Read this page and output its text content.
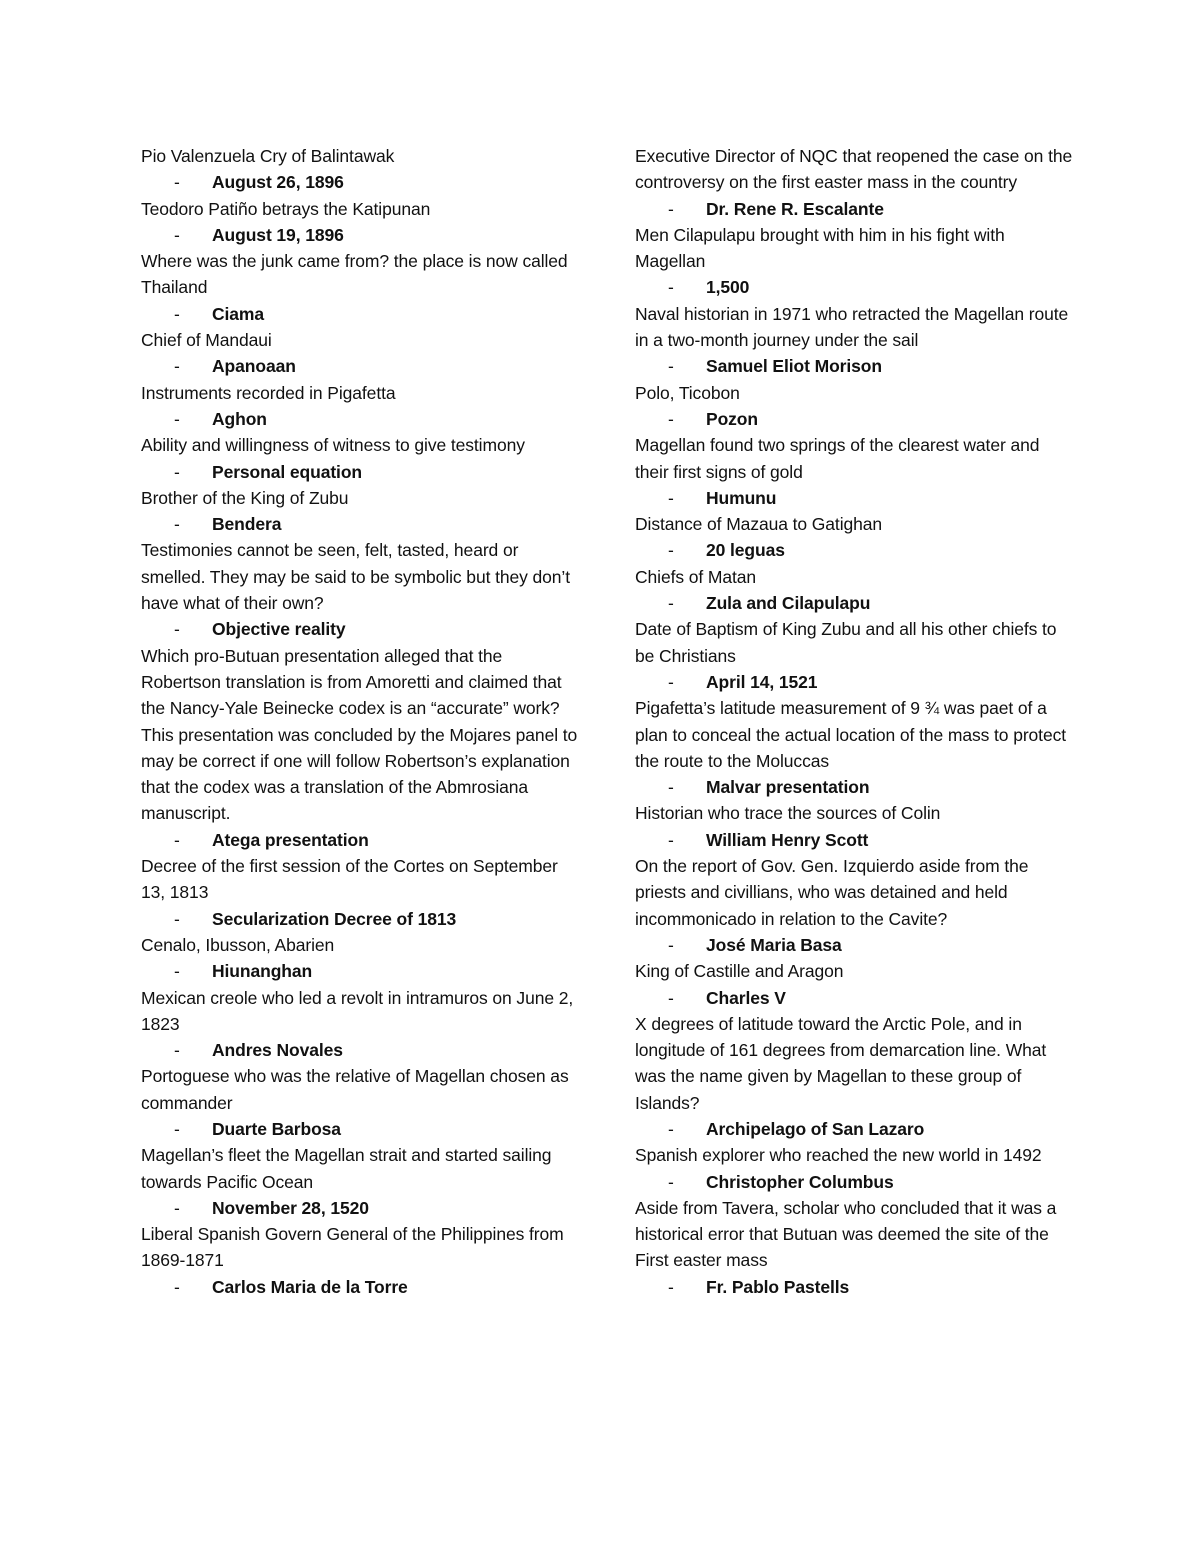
Pio Valenzuela Cry of Balintawak

- August 26, 1896

Teodoro Patiño betrays the Katipunan

- August 19, 1896

Where was the junk came from? the place is now called Thailand

- Ciama

Chief of Mandaui

- Apanoaan

Instruments recorded in Pigafetta

- Aghon

Ability and willingness of witness to give testimony

- Personal equation

Brother of the King of Zubu

- Bendera

Testimonies cannot be seen, felt, tasted, heard or smelled. They may be said to be symbolic but they don’t have what of their own?

- Objective reality

Which pro-Butuan presentation alleged that the Robertson translation is from Amoretti and claimed that the Nancy-Yale Beinecke codex is an “accurate” work?
This presentation was concluded by the Mojares panel to may be correct if one will follow Robertson’s explanation that the codex was a translation of the Abmrosiana manuscript.

- Atega presentation

Decree of the first session of the Cortes on September 13, 1813

- Secularization Decree of 1813

Cenalo, Ibusson, Abarien

- Hiunanghan

Mexican creole who led a revolt in intramuros on June 2, 1823

- Andres Novales

Portoguese who was the relative of Magellan chosen as commander

- Duarte Barbosa

Magellan’s fleet the Magellan strait and started sailing towards Pacific Ocean

- November 28, 1520

Liberal Spanish Govern General of the Philippines from 1869-1871

- Carlos Maria de la Torre

Executive Director of NQC that reopened the case on the controversy on the first easter mass in the country

- Dr. Rene R. Escalante

Men Cilapulapu brought with him in his fight with Magellan

- 1,500

Naval historian in 1971 who retracted the Magellan route in a two-month journey under the sail

- Samuel Eliot Morison

Polo, Ticobon

- Pozon

Magellan found two springs of the clearest water and their first signs of gold

- Humunu

Distance of Mazaua to Gatighan

- 20 leguas

Chiefs of Matan

- Zula and Cilapulapu

Date of Baptism of King Zubu and all his other chiefs to be Christians

- April 14, 1521

Pigafetta’s latitude measurement of 9 ¾ was paet of a plan to conceal the actual location of the mass to protect the route to the Moluccas

- Malvar presentation

Historian who trace the sources of Colin

- William Henry Scott

On the report of Gov. Gen. Izquierdo aside from the priests and civillians, who was detained and held incommonicado in relation to the Cavite?

- José Maria Basa

King of Castille and Aragon

- Charles V

X degrees of latitude toward the Arctic Pole, and in longitude of 161 degrees from demarcation line. What was the name given by Magellan to these group of Islands?

- Archipelago of San Lazaro

Spanish explorer who reached the new world in 1492

- Christopher Columbus

Aside from Tavera, scholar who concluded that it was a historical error that Butuan was deemed the site of the First easter mass

- Fr. Pablo Pastells
